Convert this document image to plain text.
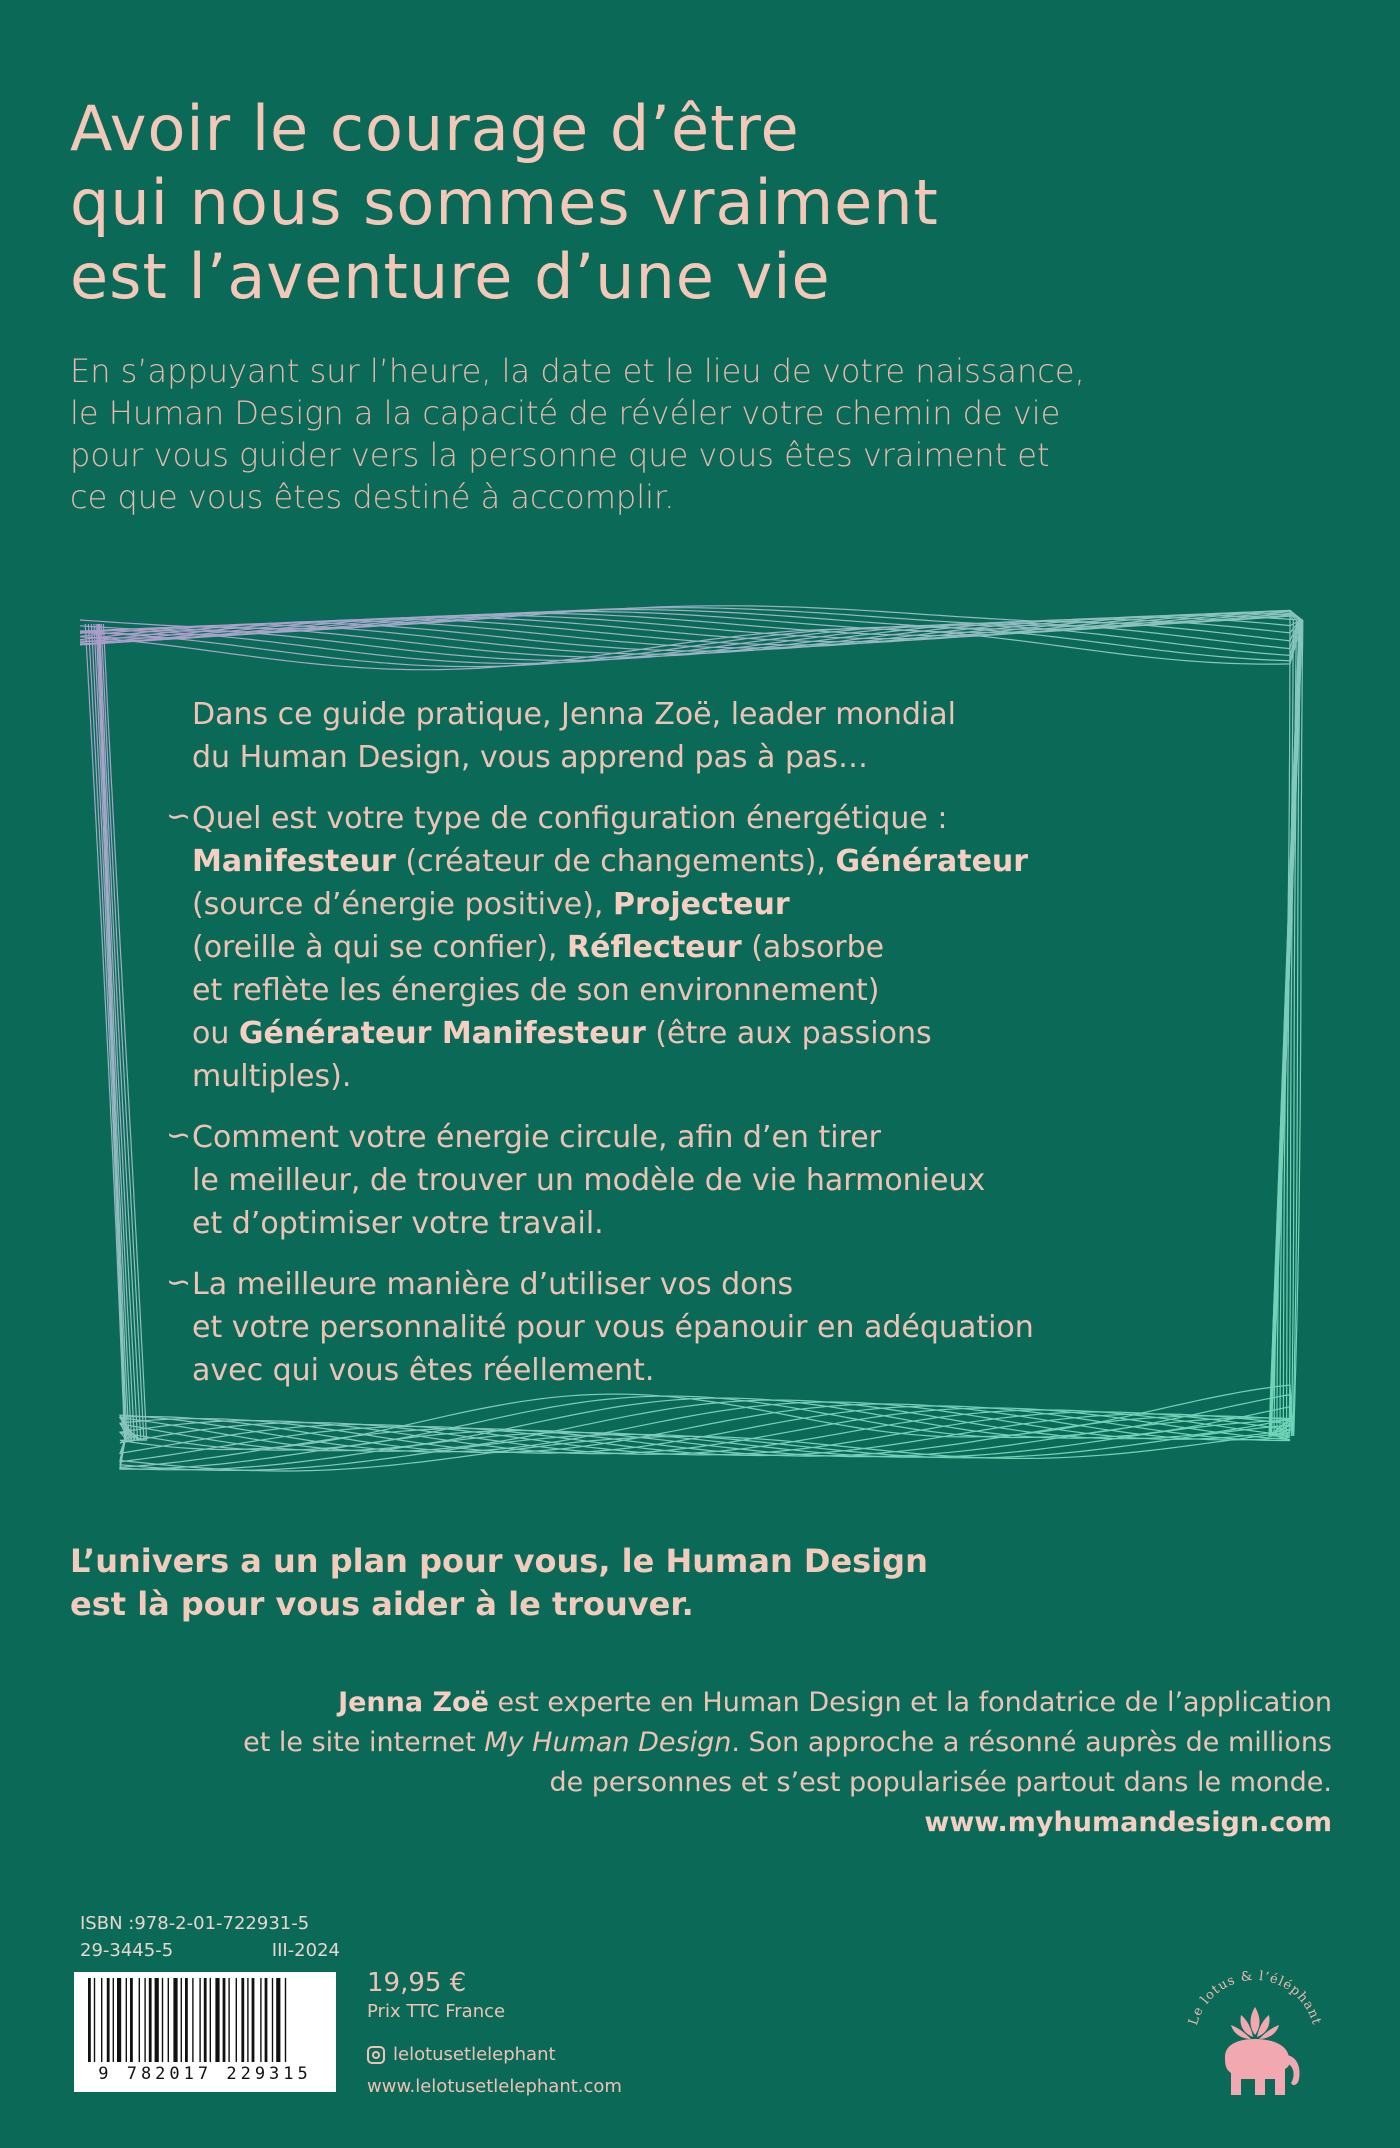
Avoir le courage d’être
qui nous sommes vraiment
est l’aventure d’une vie
En s’appuyant sur l’heure, la date et le lieu de votre naissance,
le Human Design a la capacité de révéler votre chemin de vie
pour vous guider vers la personne que vous êtes vraiment et
ce que vous êtes destiné à accomplir.
Dans ce guide pratique, Jenna Zoë, leader mondial
du Human Design, vous apprend pas à pas…
∽ Quel est votre type de configuration énergétique :
Manifesteur (créateur de changements), Générateur
(source d’énergie positive), Projecteur
(oreille à qui se confier), Réflecteur (absorbe
et reflète les énergies de son environnement)
ou Générateur Manifesteur (être aux passions
multiples).
∽ Comment votre énergie circule, afin d’en tirer
le meilleur, de trouver un modèle de vie harmonieux
et d’optimiser votre travail.
∽ La meilleure manière d’utiliser vos dons
et votre personnalité pour vous épanouir en adéquation
avec qui vous êtes réellement.
L’univers a un plan pour vous, le Human Design
est là pour vous aider à le trouver.
Jenna Zoë est experte en Human Design et la fondatrice de l’application
et le site internet My Human Design. Son approche a résonné auprès de millions
de personnes et s’est popularisée partout dans le monde.
www.myhumandesign.com
ISBN :978-2-01-722931-5
29-3445-5	III-2024
9 782017 229315
19,95 €
Prix TTC France
lelotusetlelephant
www.lelotusetlelephant.com
Le lotus & l’éléphant
